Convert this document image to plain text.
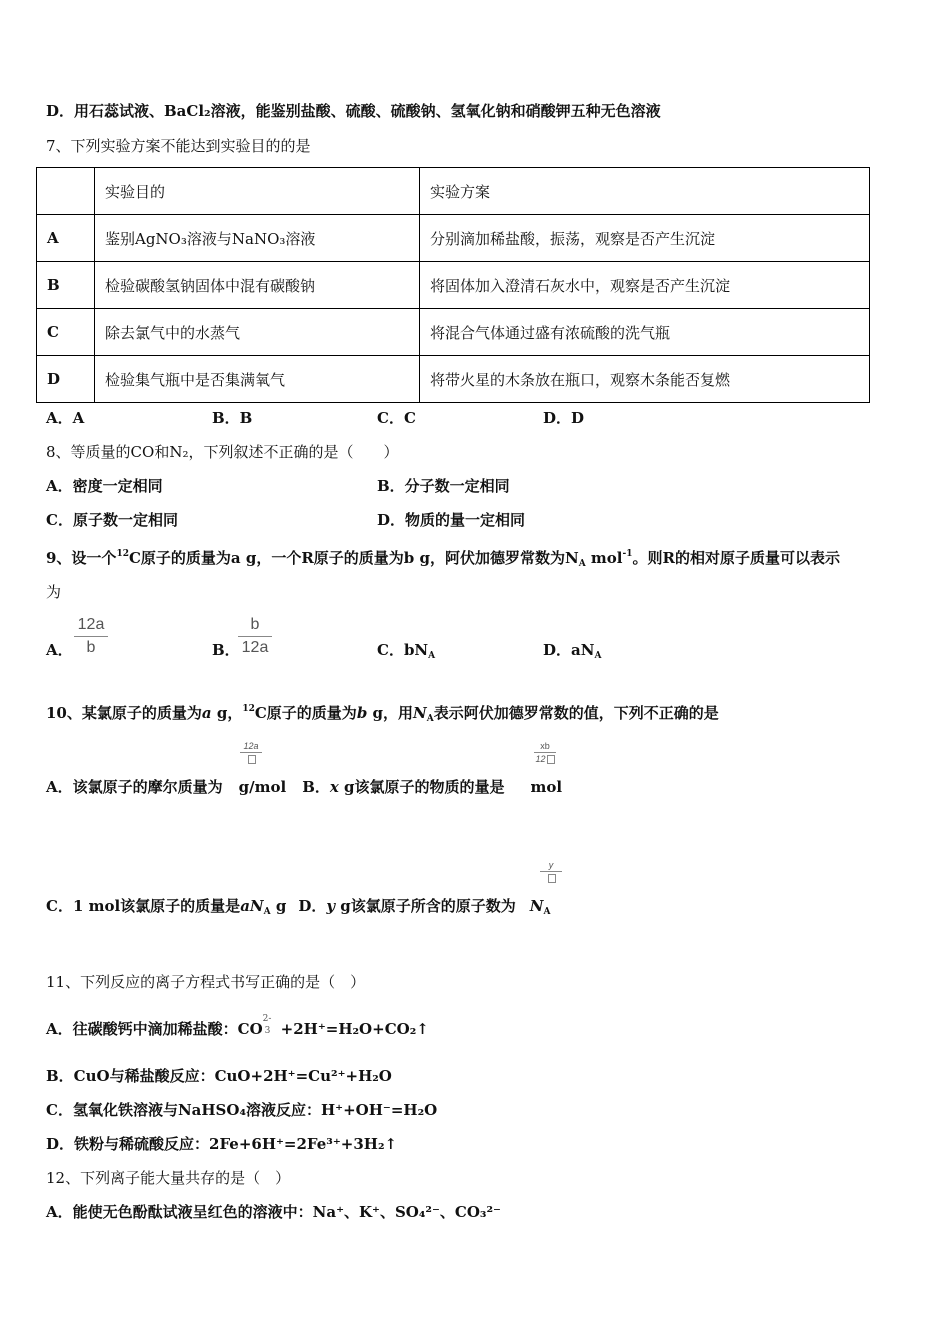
D．用石蕊试液、BaCl₂溶液，能鉴别盐酸、硫酸、硫酸钠、氢氧化钠和硝酸钾五种无色溶液
7、下列实验方案不能达到实验目的的是
	实验目的	实验方案
A	鉴别AgNO₃溶液与NaNO₃溶液	分别滴加稀盐酸，振荡，观察是否产生沉淀
B	检验碳酸氢钠固体中混有碳酸钠	将固体加入澄清石灰水中，观察是否产生沉淀
C	除去氯气中的水蒸气	将混合气体通过盛有浓硫酸的洗气瓶
D	检验集气瓶中是否集满氧气	将带火星的木条放在瓶口，观察木条能否复燃
A．A	B．B	C．C	D．D
8、等质量的CO和N₂，下列叙述不正确的是（　　）
A．密度一定相同	B．分子数一定相同
C．原子数一定相同	D．物质的量一定相同
9、设一个$^{12}$C原子的质量为a g，一个R原子的质量为b g，阿伏加德罗常数为$N_A$ mol$^{-1}$。则R的相对原子质量可以表示
为
A． $\frac{12a}{b}$	B．
$\frac{b}{12a}$	C．$bN_A$	D．$aN_A$
10、某氯原子的质量为a g，$^{12}$C原子的质量为b g，用$N_A$表示阿伏加德罗常数的值，下列不正确的是
12a	$\frac{xb}{12}$
A．该氯原子的摩尔质量为 g/mol B．x g该氯原子的物质的量是 mol
y
C．1 mol该氯原子的质量是$aN_A$ g D．y g该氯原子所含的原子数为 $N_A$
11、下列反应的离子方程式书写正确的是（　）
A．往碳酸钙中滴加稀盐酸：CO
2-
3 +2H⁺=H₂O+CO₂↑
B．CuO与稀盐酸反应：CuO+2H⁺=Cu²⁺+H₂O
C．氢氧化铁溶液与NaHSO₄溶液反应：H⁺+OH⁻=H₂O
D．铁粉与稀硫酸反应：2Fe+6H⁺=2Fe³⁺+3H₂↑
12、下列离子能大量共存的是（　）
A．能使无色酚酞试液呈红色的溶液中：Na⁺、K⁺、SO₄²⁻、CO₃²⁻
